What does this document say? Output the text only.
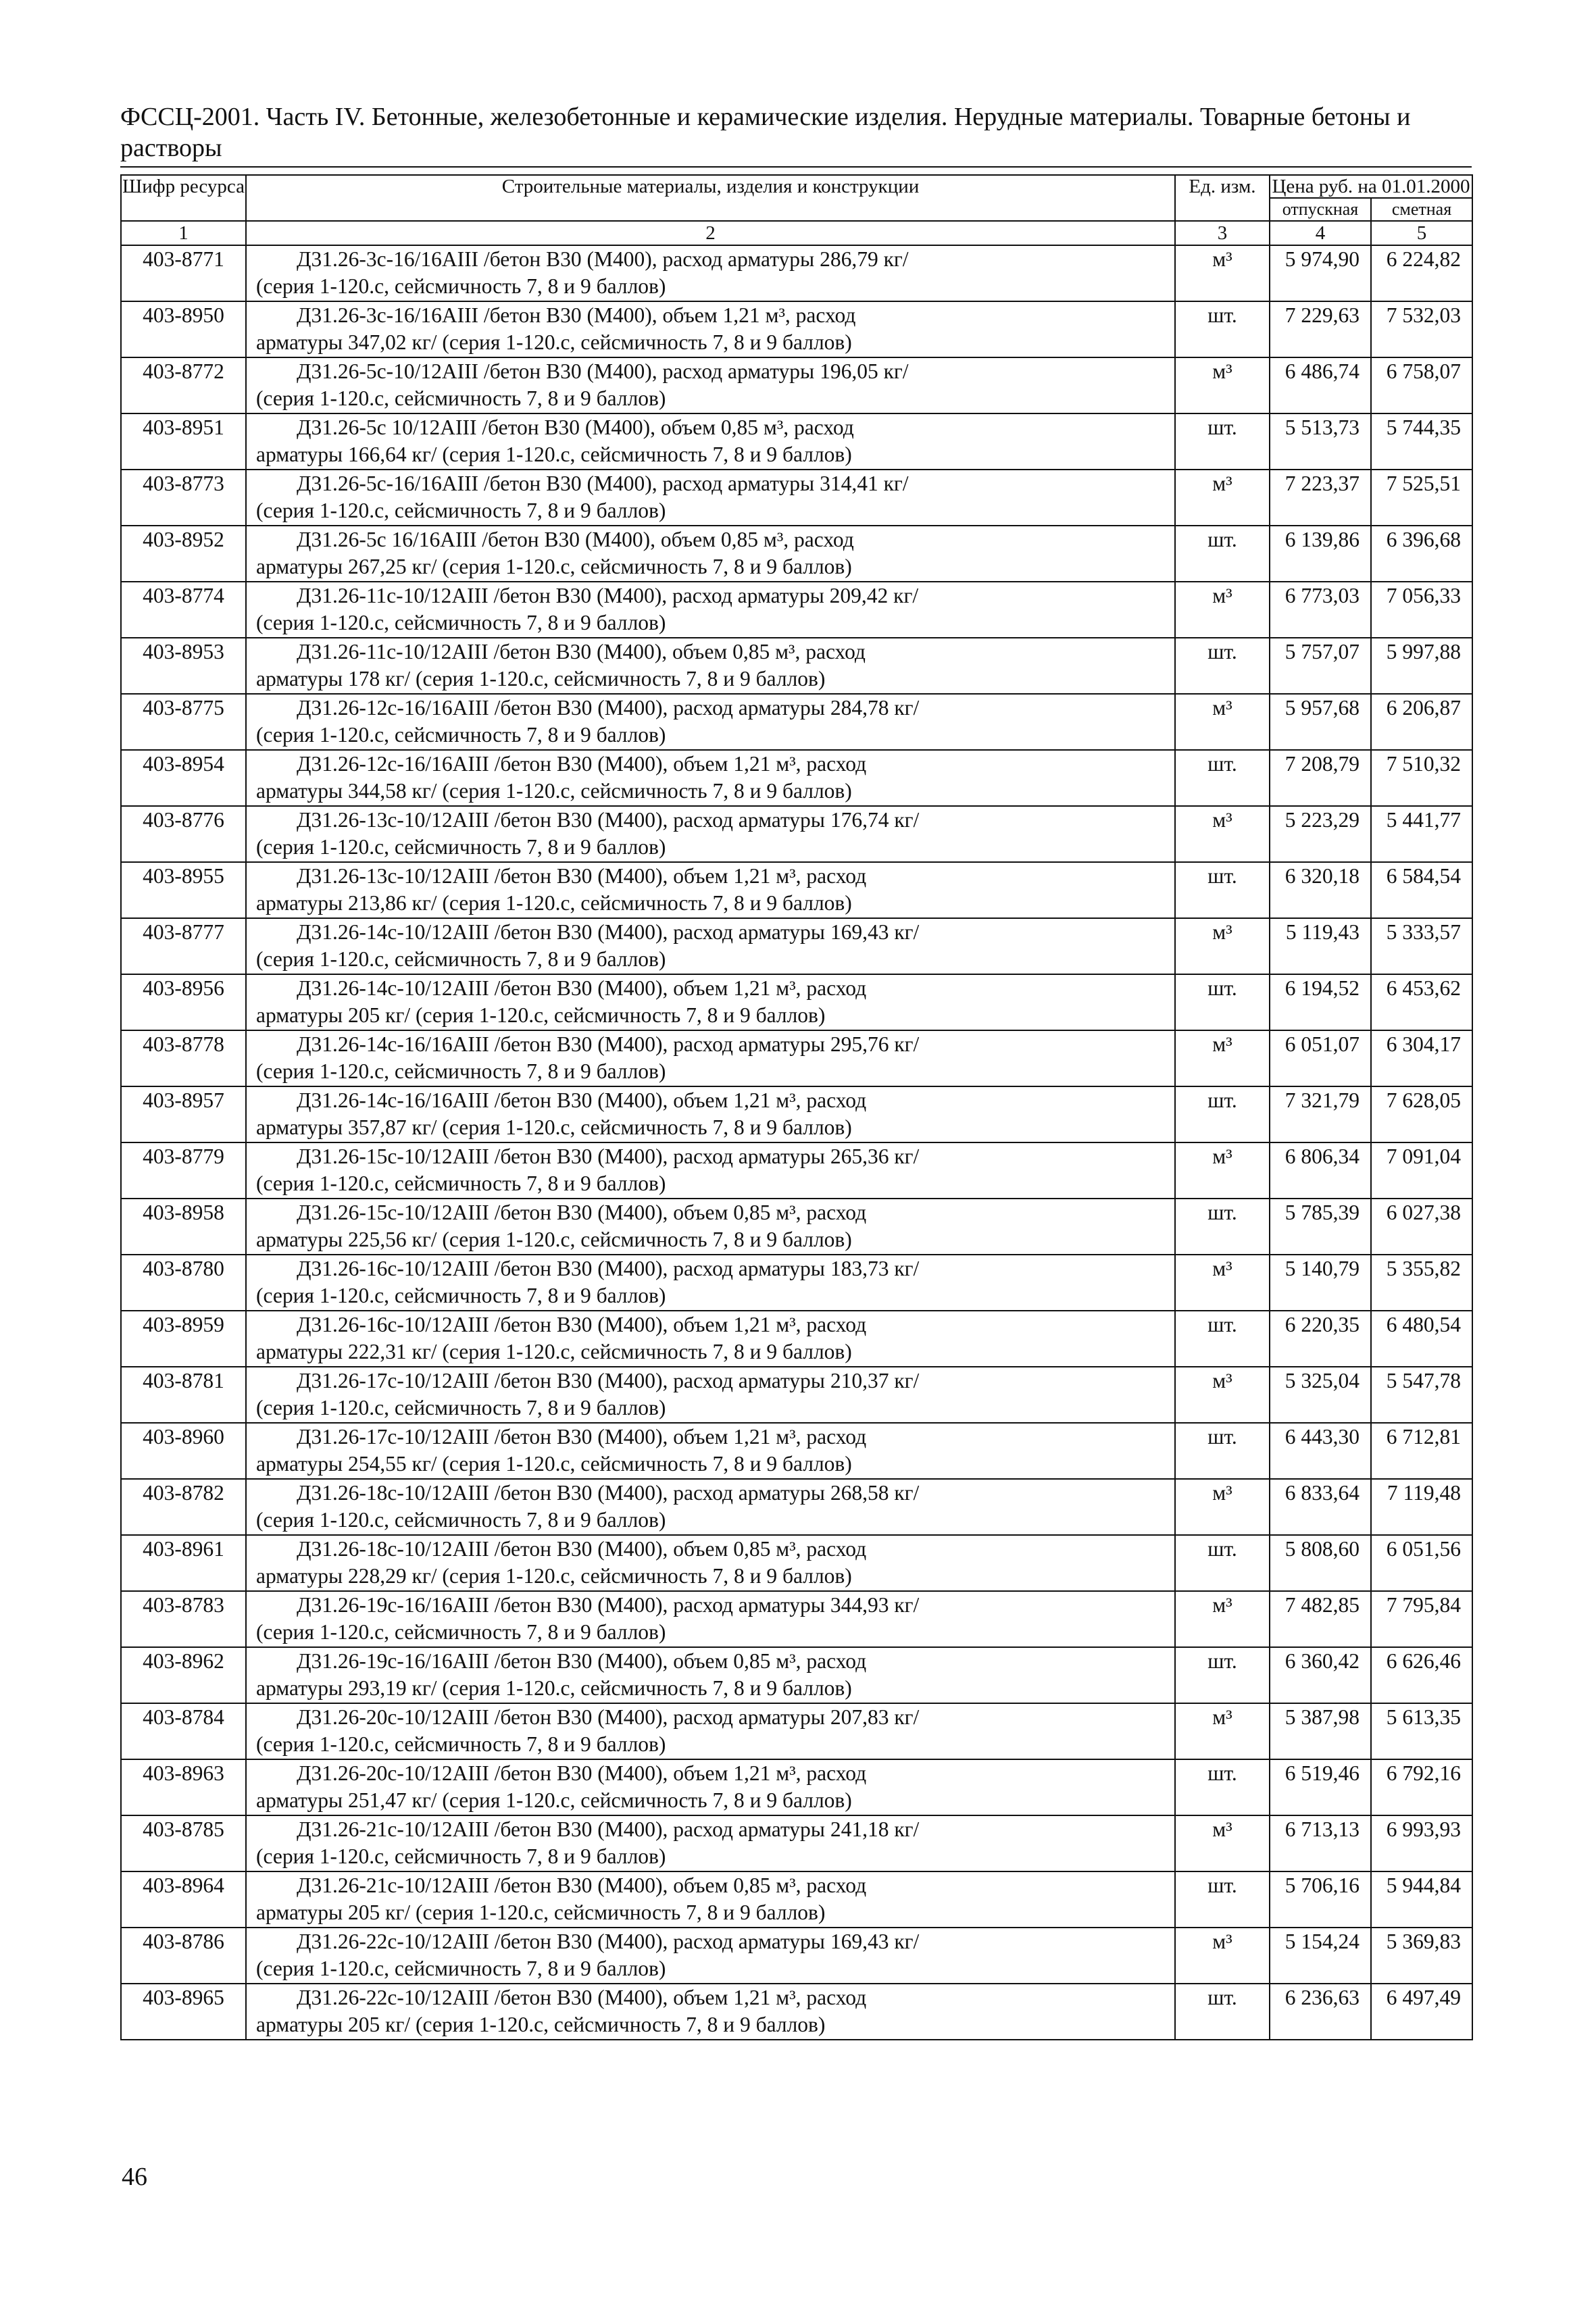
ФССЦ-2001. Часть IV. Бетонные, железобетонные и керамические изделия. Нерудные материалы. Товарные бетоны и растворы
Шифр ресурса	Строительные материалы, изделия и конструкции	Ед. изм.	Цена руб. на 01.01.2000	
			отпускная	сметная
1	2	3	4	5
403-8771	Д31.26-3с-16/16АIII /бетон В30 (М400), расход арматуры 286,79 кг/
(серия 1-120.с, сейсмичность 7, 8 и 9 баллов)	м³	5 974,90	6 224,82
403-8950	Д31.26-3с-16/16АIII /бетон В30 (М400), объем 1,21 м³, расход
арматуры 347,02 кг/ (серия 1-120.с, сейсмичность 7, 8 и 9 баллов)	шт.	7 229,63	7 532,03
403-8772	Д31.26-5с-10/12АIII /бетон В30 (М400), расход арматуры 196,05 кг/
(серия 1-120.с, сейсмичность 7, 8 и 9 баллов)	м³	6 486,74	6 758,07
403-8951	Д31.26-5с 10/12АIII /бетон В30 (М400), объем 0,85 м³, расход
арматуры 166,64 кг/ (серия 1-120.с, сейсмичность 7, 8 и 9 баллов)	шт.	5 513,73	5 744,35
403-8773	Д31.26-5с-16/16АIII /бетон В30 (М400), расход арматуры 314,41 кг/
(серия 1-120.с, сейсмичность 7, 8 и 9 баллов)	м³	7 223,37	7 525,51
403-8952	Д31.26-5с 16/16АIII /бетон В30 (М400), объем 0,85 м³, расход
арматуры 267,25 кг/ (серия 1-120.с, сейсмичность 7, 8 и 9 баллов)	шт.	6 139,86	6 396,68
403-8774	Д31.26-11с-10/12АIII /бетон В30 (М400), расход арматуры 209,42 кг/
(серия 1-120.с, сейсмичность 7, 8 и 9 баллов)	м³	6 773,03	7 056,33
403-8953	Д31.26-11с-10/12АIII /бетон В30 (М400), объем 0,85 м³, расход
арматуры 178 кг/ (серия 1-120.с, сейсмичность 7, 8 и 9 баллов)	шт.	5 757,07	5 997,88
403-8775	Д31.26-12с-16/16АIII /бетон В30 (М400), расход арматуры 284,78 кг/
(серия 1-120.с, сейсмичность 7, 8 и 9 баллов)	м³	5 957,68	6 206,87
403-8954	Д31.26-12с-16/16АIII /бетон В30 (М400), объем 1,21 м³, расход
арматуры 344,58 кг/ (серия 1-120.с, сейсмичность 7, 8 и 9 баллов)	шт.	7 208,79	7 510,32
403-8776	Д31.26-13с-10/12АIII /бетон В30 (М400), расход арматуры 176,74 кг/
(серия 1-120.с, сейсмичность 7, 8 и 9 баллов)	м³	5 223,29	5 441,77
403-8955	Д31.26-13с-10/12АIII /бетон В30 (М400), объем 1,21 м³, расход
арматуры 213,86 кг/ (серия 1-120.с, сейсмичность 7, 8 и 9 баллов)	шт.	6 320,18	6 584,54
403-8777	Д31.26-14с-10/12АIII /бетон В30 (М400), расход арматуры 169,43 кг/
(серия 1-120.с, сейсмичность 7, 8 и 9 баллов)	м³	5 119,43	5 333,57
403-8956	Д31.26-14с-10/12АIII /бетон В30 (М400), объем 1,21 м³, расход
арматуры 205 кг/ (серия 1-120.с, сейсмичность 7, 8 и 9 баллов)	шт.	6 194,52	6 453,62
403-8778	Д31.26-14с-16/16АIII /бетон В30 (М400), расход арматуры 295,76 кг/
(серия 1-120.с, сейсмичность 7, 8 и 9 баллов)	м³	6 051,07	6 304,17
403-8957	Д31.26-14с-16/16АIII /бетон В30 (М400), объем 1,21 м³, расход
арматуры 357,87 кг/ (серия 1-120.с, сейсмичность 7, 8 и 9 баллов)	шт.	7 321,79	7 628,05
403-8779	Д31.26-15с-10/12АIII /бетон В30 (М400), расход арматуры 265,36 кг/
(серия 1-120.с, сейсмичность 7, 8 и 9 баллов)	м³	6 806,34	7 091,04
403-8958	Д31.26-15с-10/12АIII /бетон В30 (М400), объем 0,85 м³, расход
арматуры 225,56 кг/ (серия 1-120.с, сейсмичность 7, 8 и 9 баллов)	шт.	5 785,39	6 027,38
403-8780	Д31.26-16с-10/12АIII /бетон В30 (М400), расход арматуры 183,73 кг/
(серия 1-120.с, сейсмичность 7, 8 и 9 баллов)	м³	5 140,79	5 355,82
403-8959	Д31.26-16с-10/12АIII /бетон В30 (М400), объем 1,21 м³, расход
арматуры 222,31 кг/ (серия 1-120.с, сейсмичность 7, 8 и 9 баллов)	шт.	6 220,35	6 480,54
403-8781	Д31.26-17с-10/12АIII /бетон В30 (М400), расход арматуры 210,37 кг/
(серия 1-120.с, сейсмичность 7, 8 и 9 баллов)	м³	5 325,04	5 547,78
403-8960	Д31.26-17с-10/12АIII /бетон В30 (М400), объем 1,21 м³, расход
арматуры 254,55 кг/ (серия 1-120.с, сейсмичность 7, 8 и 9 баллов)	шт.	6 443,30	6 712,81
403-8782	Д31.26-18с-10/12АIII /бетон В30 (М400), расход арматуры 268,58 кг/
(серия 1-120.с, сейсмичность 7, 8 и 9 баллов)	м³	6 833,64	7 119,48
403-8961	Д31.26-18с-10/12АIII /бетон В30 (М400), объем 0,85 м³, расход
арматуры 228,29 кг/ (серия 1-120.с, сейсмичность 7, 8 и 9 баллов)	шт.	5 808,60	6 051,56
403-8783	Д31.26-19с-16/16АIII /бетон В30 (М400), расход арматуры 344,93 кг/
(серия 1-120.с, сейсмичность 7, 8 и 9 баллов)	м³	7 482,85	7 795,84
403-8962	Д31.26-19с-16/16АIII /бетон В30 (М400), объем 0,85 м³, расход
арматуры 293,19 кг/ (серия 1-120.с, сейсмичность 7, 8 и 9 баллов)	шт.	6 360,42	6 626,46
403-8784	Д31.26-20с-10/12АIII /бетон В30 (М400), расход арматуры 207,83 кг/
(серия 1-120.с, сейсмичность 7, 8 и 9 баллов)	м³	5 387,98	5 613,35
403-8963	Д31.26-20с-10/12АIII /бетон В30 (М400), объем 1,21 м³, расход
арматуры 251,47 кг/ (серия 1-120.с, сейсмичность 7, 8 и 9 баллов)	шт.	6 519,46	6 792,16
403-8785	Д31.26-21с-10/12АIII /бетон В30 (М400), расход арматуры 241,18 кг/
(серия 1-120.с, сейсмичность 7, 8 и 9 баллов)	м³	6 713,13	6 993,93
403-8964	Д31.26-21с-10/12АIII /бетон В30 (М400), объем 0,85 м³, расход
арматуры 205 кг/ (серия 1-120.с, сейсмичность 7, 8 и 9 баллов)	шт.	5 706,16	5 944,84
403-8786	Д31.26-22с-10/12АIII /бетон В30 (М400), расход арматуры 169,43 кг/
(серия 1-120.с, сейсмичность 7, 8 и 9 баллов)	м³	5 154,24	5 369,83
403-8965	Д31.26-22с-10/12АIII /бетон В30 (М400), объем 1,21 м³, расход
арматуры 205 кг/ (серия 1-120.с, сейсмичность 7, 8 и 9 баллов)	шт.	6 236,63	6 497,49
46
